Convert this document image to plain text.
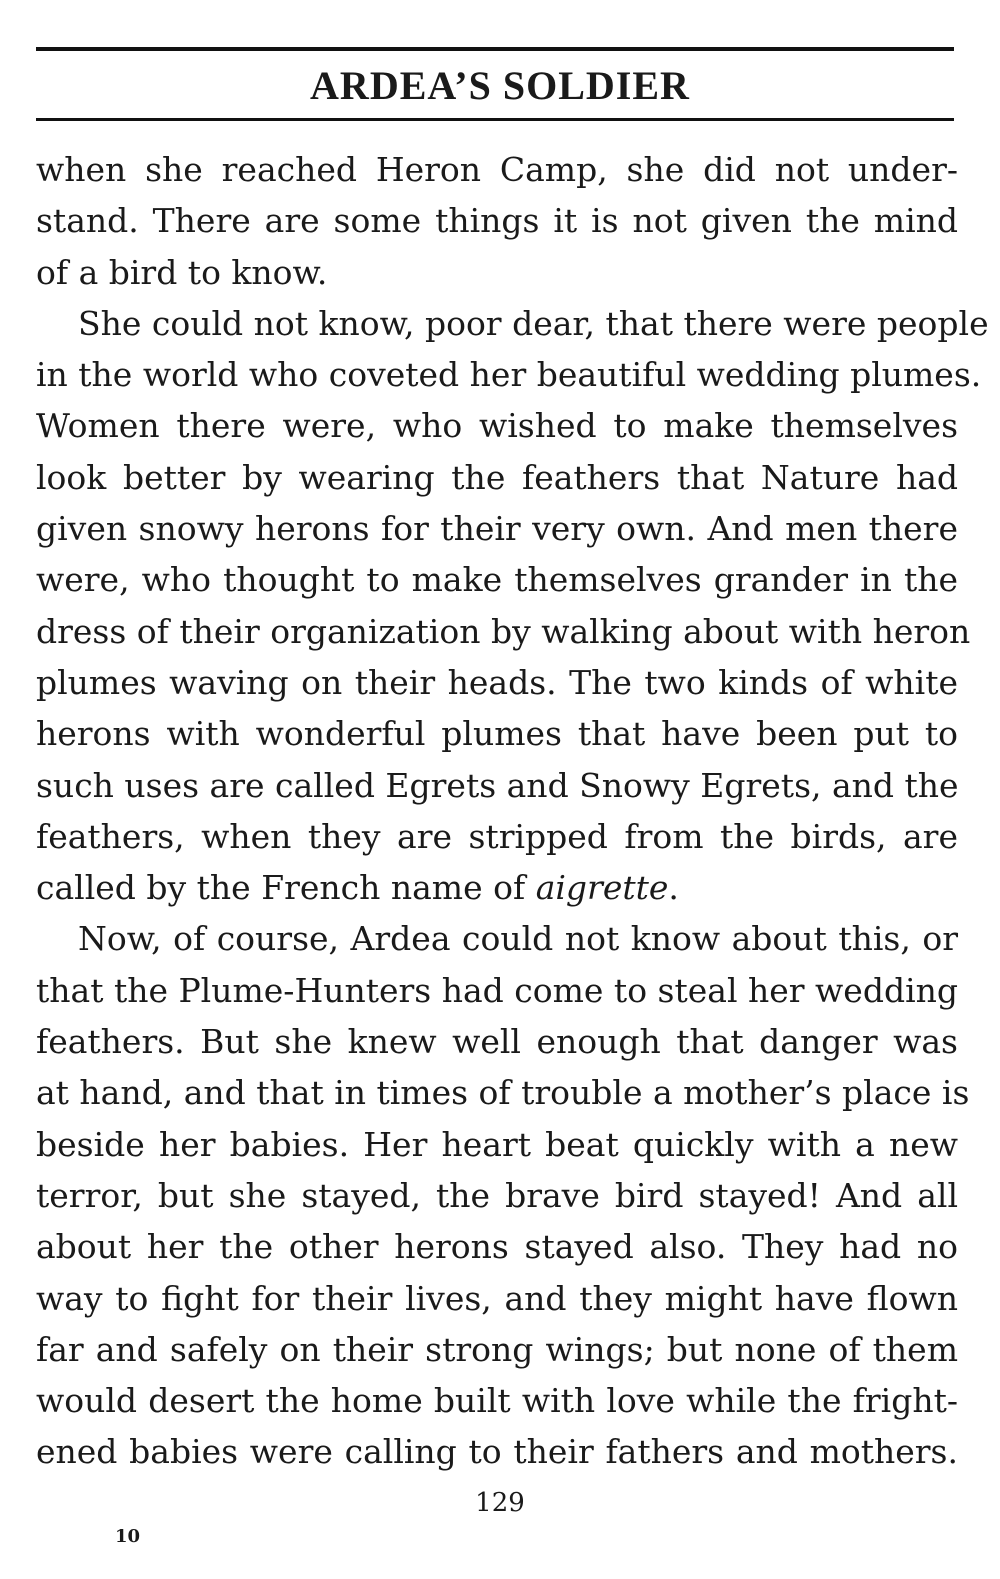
ARDEA’S SOLDIER
when she reached Heron Camp, she did not under-
stand. There are some things it is not given the mind
of a bird to know.
She could not know, poor dear, that there were people
in the world who coveted her beautiful wedding plumes.
Women there were, who wished to make themselves
look better by wearing the feathers that Nature had
given snowy herons for their very own. And men there
were, who thought to make themselves grander in the
dress of their organization by walking about with heron
plumes waving on their heads. The two kinds of white
herons with wonderful plumes that have been put to
such uses are called Egrets and Snowy Egrets, and the
feathers, when they are stripped from the birds, are
called by the French name of aigrette.
Now, of course, Ardea could not know about this, or
that the Plume-Hunters had come to steal her wedding
feathers. But she knew well enough that danger was
at hand, and that in times of trouble a mother’s place is
beside her babies. Her heart beat quickly with a new
terror, but she stayed, the brave bird stayed! And all
about her the other herons stayed also. They had no
way to fight for their lives, and they might have flown
far and safely on their strong wings; but none of them
would desert the home built with love while the fright-
ened babies were calling to their fathers and mothers.
129
10
